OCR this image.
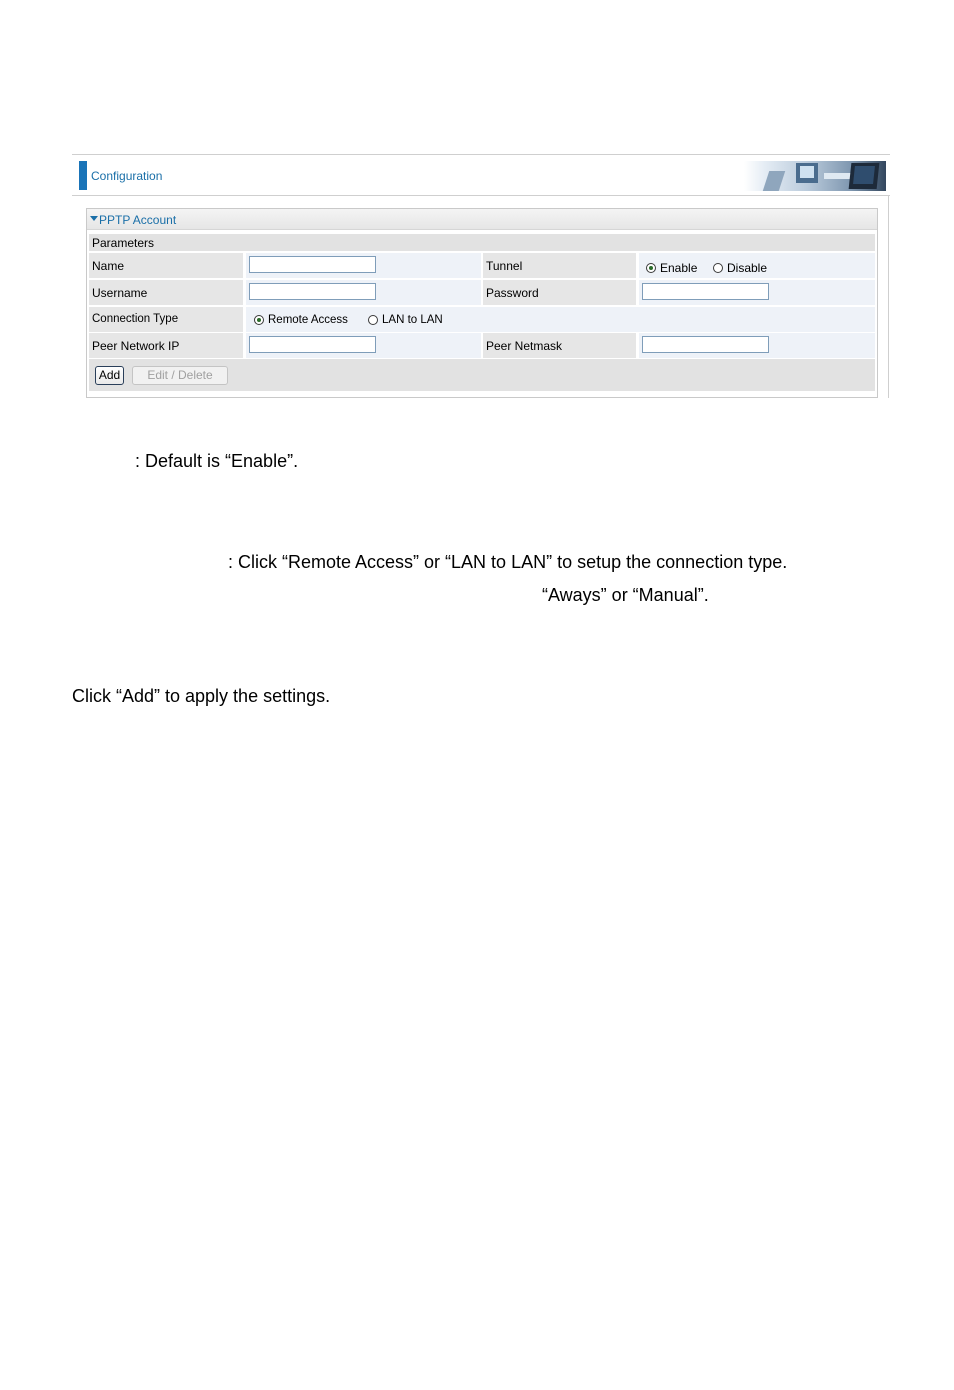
Configuration
PPTP Account
Parameters
Name	Tunnel	Enable Disable
Username	Password
Connection Type	Remote Access	LAN to LAN
Peer Network IP	Peer Netmask
Add	Edit / Delete
: Default is “Enable”.
: Click “Remote Access” or “LAN to LAN” to setup the connection type.
“Aways” or “Manual”.
Click “Add” to apply the settings.
